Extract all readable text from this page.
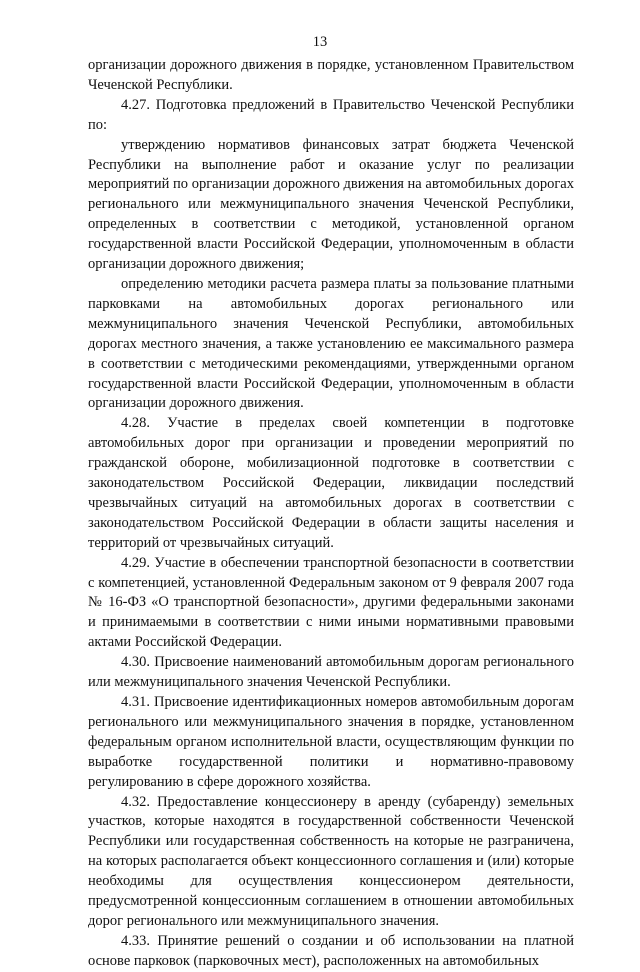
13

организации дорожного движения в порядке, установленном Правительством Чеченской Республики.

4.27. Подготовка предложений в Правительство Чеченской Республики по:

утверждению нормативов финансовых затрат бюджета Чеченской Республики на выполнение работ и оказание услуг по реализации мероприятий по организации дорожного движения на автомобильных дорогах регионального или межмуниципального значения Чеченской Республики, определенных в соответствии с методикой, установленной органом государственной власти Российской Федерации, уполномоченным в области организации дорожного движения;

определению методики расчета размера платы за пользование платными парковками на автомобильных дорогах регионального или межмуниципального значения Чеченской Республики, автомобильных дорогах местного значения, а также установлению ее максимального размера в соответствии с методическими рекомендациями, утвержденными органом государственной власти Российской Федерации, уполномоченным в области организации дорожного движения.

4.28. Участие в пределах своей компетенции в подготовке автомобильных дорог при организации и проведении мероприятий по гражданской обороне, мобилизационной подготовке в соответствии с законодательством Российской Федерации, ликвидации последствий чрезвычайных ситуаций на автомобильных дорогах в соответствии с законодательством Российской Федерации в области защиты населения и территорий от чрезвычайных ситуаций.

4.29. Участие в обеспечении транспортной безопасности в соответствии с компетенцией, установленной Федеральным законом от 9 февраля 2007 года № 16-ФЗ «О транспортной безопасности», другими федеральными законами и принимаемыми в соответствии с ними иными нормативными правовыми актами Российской Федерации.

4.30. Присвоение наименований автомобильным дорогам регионального или межмуниципального значения Чеченской Республики.

4.31. Присвоение идентификационных номеров автомобильным дорогам регионального или межмуниципального значения в порядке, установленном федеральным органом исполнительной власти, осуществляющим функции по выработке государственной политики и нормативно-правовому регулированию в сфере дорожного хозяйства.

4.32. Предоставление концессионеру в аренду (субаренду) земельных участков, которые находятся в государственной собственности Чеченской Республики или государственная собственность на которые не разграничена, на которых располагается объект концессионного соглашения и (или) которые необходимы для осуществления концессионером деятельности, предусмотренной концессионным соглашением в отношении автомобильных дорог регионального или межмуниципального значения.

4.33. Принятие решений о создании и об использовании на платной основе парковок (парковочных мест), расположенных на автомобильных
